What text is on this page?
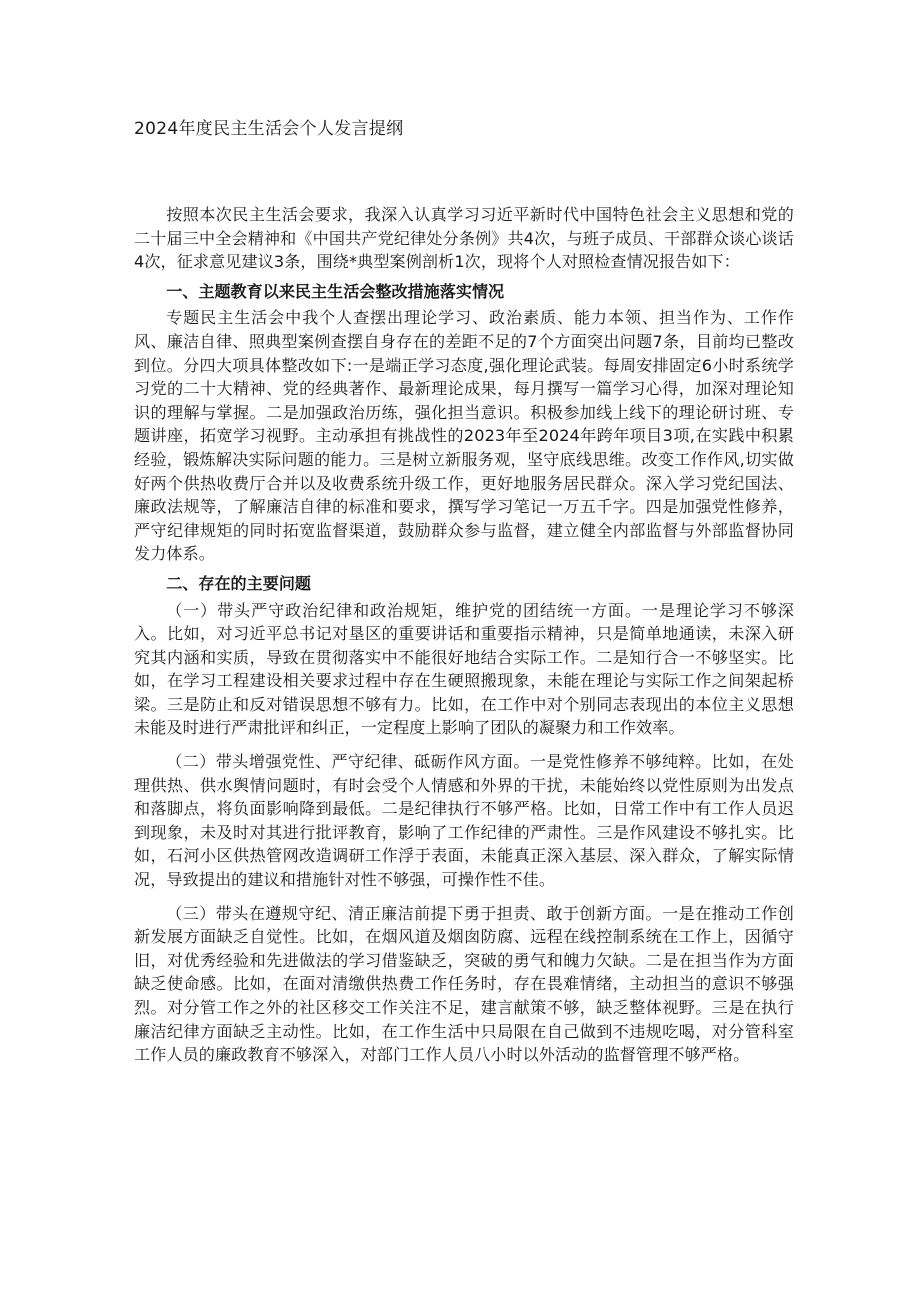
2024年度民主生活会个人发言提纲

按照本次民主生活会要求，我深入认真学习习近平新时代中国特色社会主义思想和党的二十届三中全会精神和《中国共产党纪律处分条例》共4次，与班子成员、干部群众谈心谈话4次，征求意见建议3条，围绕*典型案例剖析1次，现将个人对照检查情况报告如下：

一、主题教育以来民主生活会整改措施落实情况

专题民主生活会中我个人查摆出理论学习、政治素质、能力本领、担当作为、工作作风、廉洁自律、照典型案例查摆自身存在的差距不足的7个方面突出问题7条，目前均已整改到位。分四大项具体整改如下:一是端正学习态度,强化理论武装。每周安排固定6小时系统学习党的二十大精神、党的经典著作、最新理论成果，每月撰写一篇学习心得，加深对理论知识的理解与掌握。二是加强政治历练，强化担当意识。积极参加线上线下的理论研讨班、专题讲座，拓宽学习视野。主动承担有挑战性的2023年至2024年跨年项目3项,在实践中积累经验，锻炼解决实际问题的能力。三是树立新服务观，坚守底线思维。改变工作作风,切实做好两个供热收费厅合并以及收费系统升级工作，更好地服务居民群众。深入学习党纪国法、廉政法规等，了解廉洁自律的标准和要求，撰写学习笔记一万五千字。四是加强党性修养，严守纪律规矩的同时拓宽监督渠道，鼓励群众参与监督，建立健全内部监督与外部监督协同发力体系。

二、存在的主要问题

（一）带头严守政治纪律和政治规矩，维护党的团结统一方面。一是理论学习不够深入。比如，对习近平总书记对垦区的重要讲话和重要指示精神，只是简单地通读，未深入研究其内涵和实质，导致在贯彻落实中不能很好地结合实际工作。二是知行合一不够坚实。比如，在学习工程建设相关要求过程中存在生硬照搬现象，未能在理论与实际工作之间架起桥梁。三是防止和反对错误思想不够有力。比如，在工作中对个别同志表现出的本位主义思想未能及时进行严肃批评和纠正，一定程度上影响了团队的凝聚力和工作效率。

（二）带头增强党性、严守纪律、砥砺作风方面。一是党性修养不够纯粹。比如，在处理供热、供水舆情问题时，有时会受个人情感和外界的干扰，未能始终以党性原则为出发点和落脚点，将负面影响降到最低。二是纪律执行不够严格。比如，日常工作中有工作人员迟到现象，未及时对其进行批评教育，影响了工作纪律的严肃性。三是作风建设不够扎实。比如，石河小区供热管网改造调研工作浮于表面，未能真正深入基层、深入群众，了解实际情况，导致提出的建议和措施针对性不够强，可操作性不佳。

（三）带头在遵规守纪、清正廉洁前提下勇于担责、敢于创新方面。一是在推动工作创新发展方面缺乏自觉性。比如，在烟风道及烟囱防腐、远程在线控制系统在工作上，因循守旧，对优秀经验和先进做法的学习借鉴缺乏，突破的勇气和魄力欠缺。二是在担当作为方面缺乏使命感。比如，在面对清缴供热费工作任务时，存在畏难情绪，主动担当的意识不够强烈。对分管工作之外的社区移交工作关注不足，建言献策不够，缺乏整体视野。三是在执行廉洁纪律方面缺乏主动性。比如，在工作生活中只局限在自己做到不违规吃喝，对分管科室工作人员的廉政教育不够深入，对部门工作人员八小时以外活动的监督管理不够严格。
